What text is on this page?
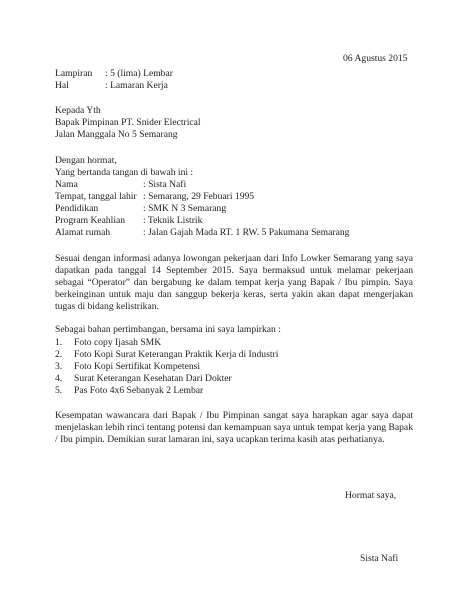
06 Agustus 2015
Lampiran : 5 (lima) Lembar
Hal	: Lamaran Kerja
Kepada Yth
Bapak Pimpinan PT. Snider Electrical
Jalan Manggala No 5 Semarang
Dengan hormat,
Yang bertanda tangan di bawah ini :
Nama	: Sista Nafi
Tempat, tanggal lahir : Semarang, 29 Febuari 1995
Pendidikan	: SMK N 3 Semarang
Program Keahlian : Teknik Listrik
Alamat rumah	: Jalan Gajah Mada RT. 1 RW. 5 Pakumana Semarang
Sesuai dengan informasi adanya lowongan pekerjaan dari Info Lowker Semarang yang saya dapatkan pada tanggal 14 September 2015. Saya bermaksud untuk melamar pekerjaan sebagai “Operator” dan bergabung ke dalam tempat kerja yang Bapak / Ibu pimpin. Saya berkeinginan untuk maju dan sanggup bekerja keras, serta yakin akan dapat mengerjakan tugas di bidang kelistrikan.
Sebagai bahan pertimbangan, bersama ini saya lampirkan :
1. Foto copy Ijasah SMK
2. Foto Kopi Surat Keterangan Praktik Kerja di Industri
3. Foto Kopi Sertifikat Kompetensi
4. Surat Keterangan Kesehatan Dari Dokter
5. Pas Foto 4x6 Sebanyak 2 Lembar
Kesempatan wawancara dari Bapak / Ibu Pimpinan sangat saya harapkan agar saya dapat menjelaskan lebih rinci tentang potensi dan kemampuan saya untuk tempat kerja yang Bapak / Ibu pimpin. Demikian surat lamaran ini, saya ucapkan terima kasih atas perhatianya.
Hormat saya,
Sista Nafi
